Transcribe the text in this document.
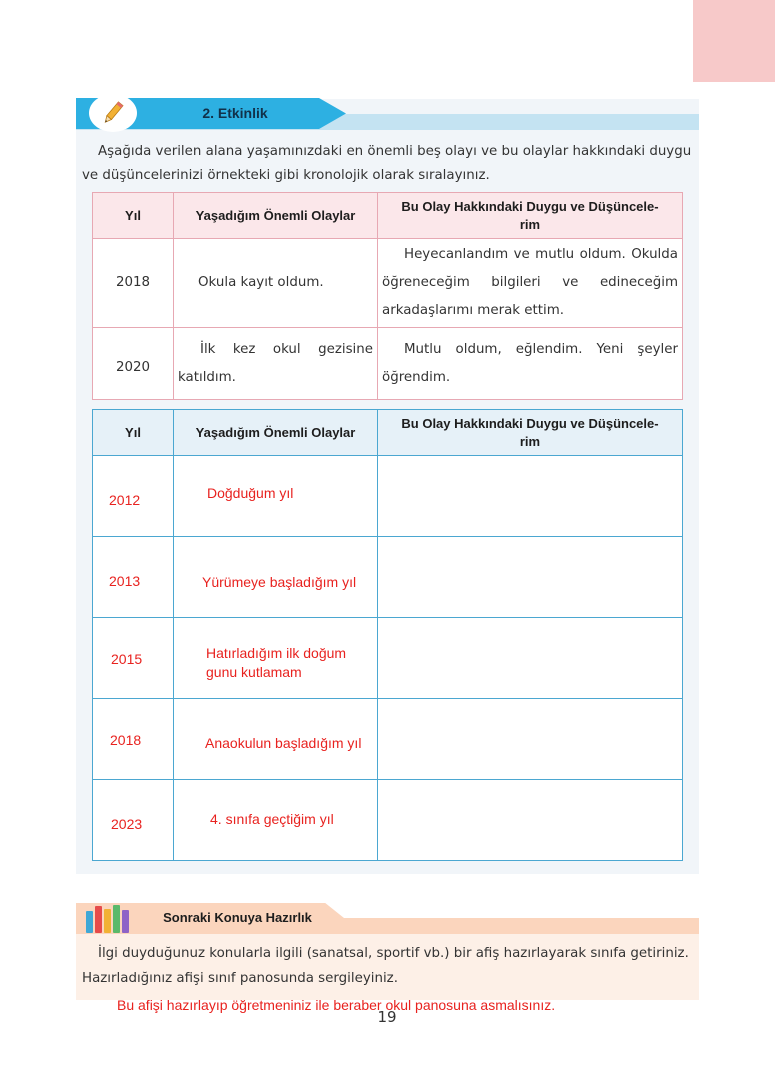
2. Etkinlik
Aşağıda verilen alana yaşamınızdaki en önemli beş olayı ve bu olaylar hakkındaki duygu ve düşüncelerinizi örnekteki gibi kronolojik olarak sıralayınız.
Yıl	Yaşadığım Önemli Olaylar	Bu Olay Hakkındaki Duygu ve Düşüncele-
rim
2018	Okula kayıt oldum.	Heyecanlandım ve mutlu oldum. Okulda öğreneceğim bilgileri ve edineceğim arkadaşlarımı merak ettim.
2020	İlk kez okul gezisine katıldım.	Mutlu oldum, eğlendim. Yeni şeyler öğrendim.
Yıl	Yaşadığım Önemli Olaylar	Bu Olay Hakkındaki Duygu ve Düşüncele-
rim

2012	Doğduğum yıl	

2013	Yürümeye başladığım yıl	

2015	Hatırladığım ilk doğum gunu kutlamam	

2018	Anaokulun başladığım yıl	

2023	4. sınıfa geçtiğim yıl	

Sonraki Konuya Hazırlık
İlgi duyduğunuz konularla ilgili (sanatsal, sportif vb.) bir afiş hazırlayarak sınıfa getiriniz. Hazırladığınız afişi sınıf panosunda sergileyiniz.
Bu afişi hazırlayıp öğretmeniniz ile beraber okul panosuna asmalısınız.
19
